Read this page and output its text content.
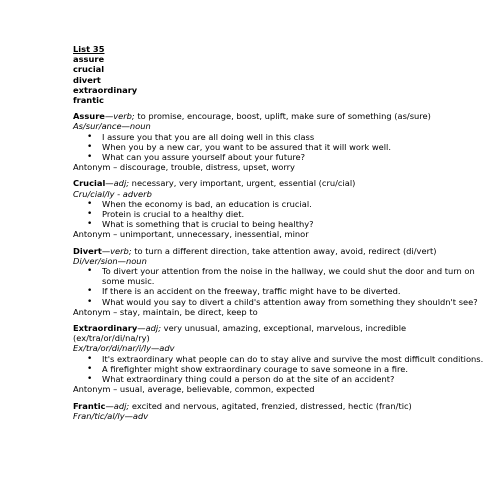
List 35
assure
crucial
divert
extraordinary
frantic
Assure—verb; to promise, encourage, boost, uplift, make sure of something (as/sure)
As/sur/ance—noun
• I assure you that you are all doing well in this class
• When you by a new car, you want to be assured that it will work well.
• What can you assure yourself about your future?
Antonym – discourage, trouble, distress, upset, worry
Crucial—adj; necessary, very important, urgent, essential (cru/cial)
Cru/cial/ly - adverb
• When the economy is bad, an education is crucial.
• Protein is crucial to a healthy diet.
• What is something that is crucial to being healthy?
Antonym – unimportant, unnecessary, inessential, minor
Divert—verb; to turn a different direction, take attention away, avoid, redirect (di/vert)
Di/ver/sion—noun
• To divert your attention from the noise in the hallway, we could shut the door and turn on some music.
• If there is an accident on the freeway, traffic might have to be diverted.
• What would you say to divert a child's attention away from something they shouldn't see?
Antonym – stay, maintain, be direct, keep to
Extraordinary—adj; very unusual, amazing, exceptional, marvelous, incredible (ex/tra/or/di/na/ry)
Ex/tra/or/di/nar/i/ly—adv
• It's extraordinary what people can do to stay alive and survive the most difficult conditions.
• A firefighter might show extraordinary courage to save someone in a fire.
• What extraordinary thing could a person do at the site of an accident?
Antonym – usual, average, believable, common, expected
Frantic—adj; excited and nervous, agitated, frenzied, distressed, hectic (fran/tic)
Fran/tic/al/ly—adv
